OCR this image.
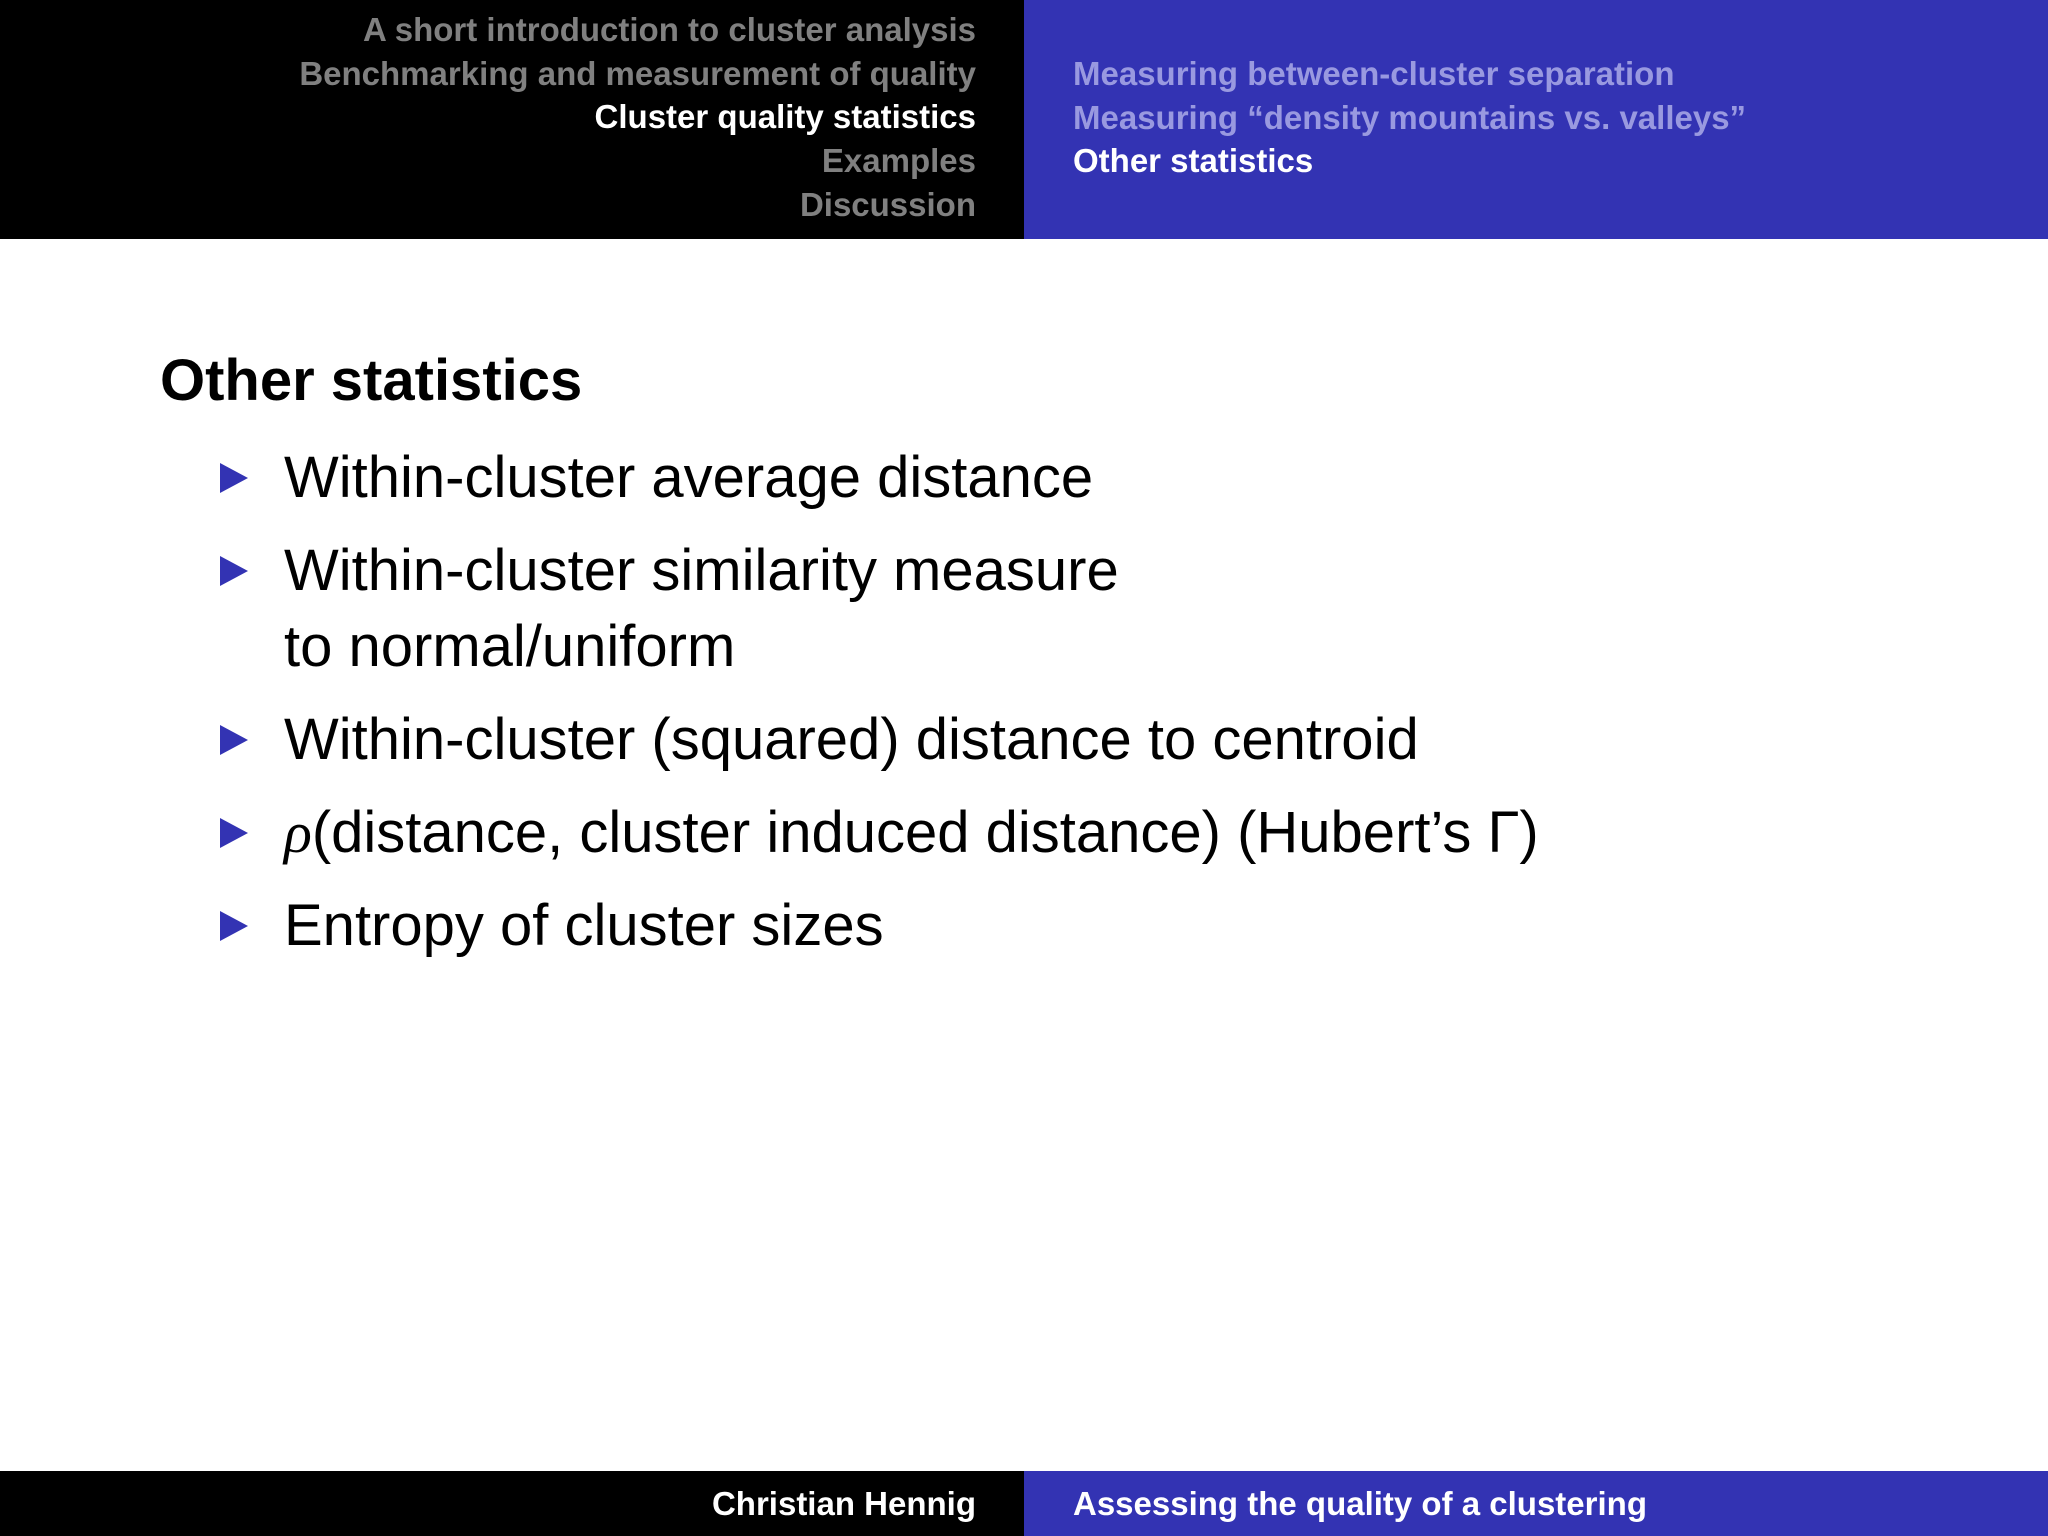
A short introduction to cluster analysis
Benchmarking and measurement of quality
Cluster quality statistics
Examples
Discussion
Measuring between-cluster separation
Measuring “density mountains vs. valleys”
Other statistics
Other statistics
Within-cluster average distance
Within-cluster similarity measure
to normal/uniform
Within-cluster (squared) distance to centroid
ρ(distance, cluster induced distance) (Hubert’s Γ)
Entropy of cluster sizes
Christian Hennig	Assessing the quality of a clustering
